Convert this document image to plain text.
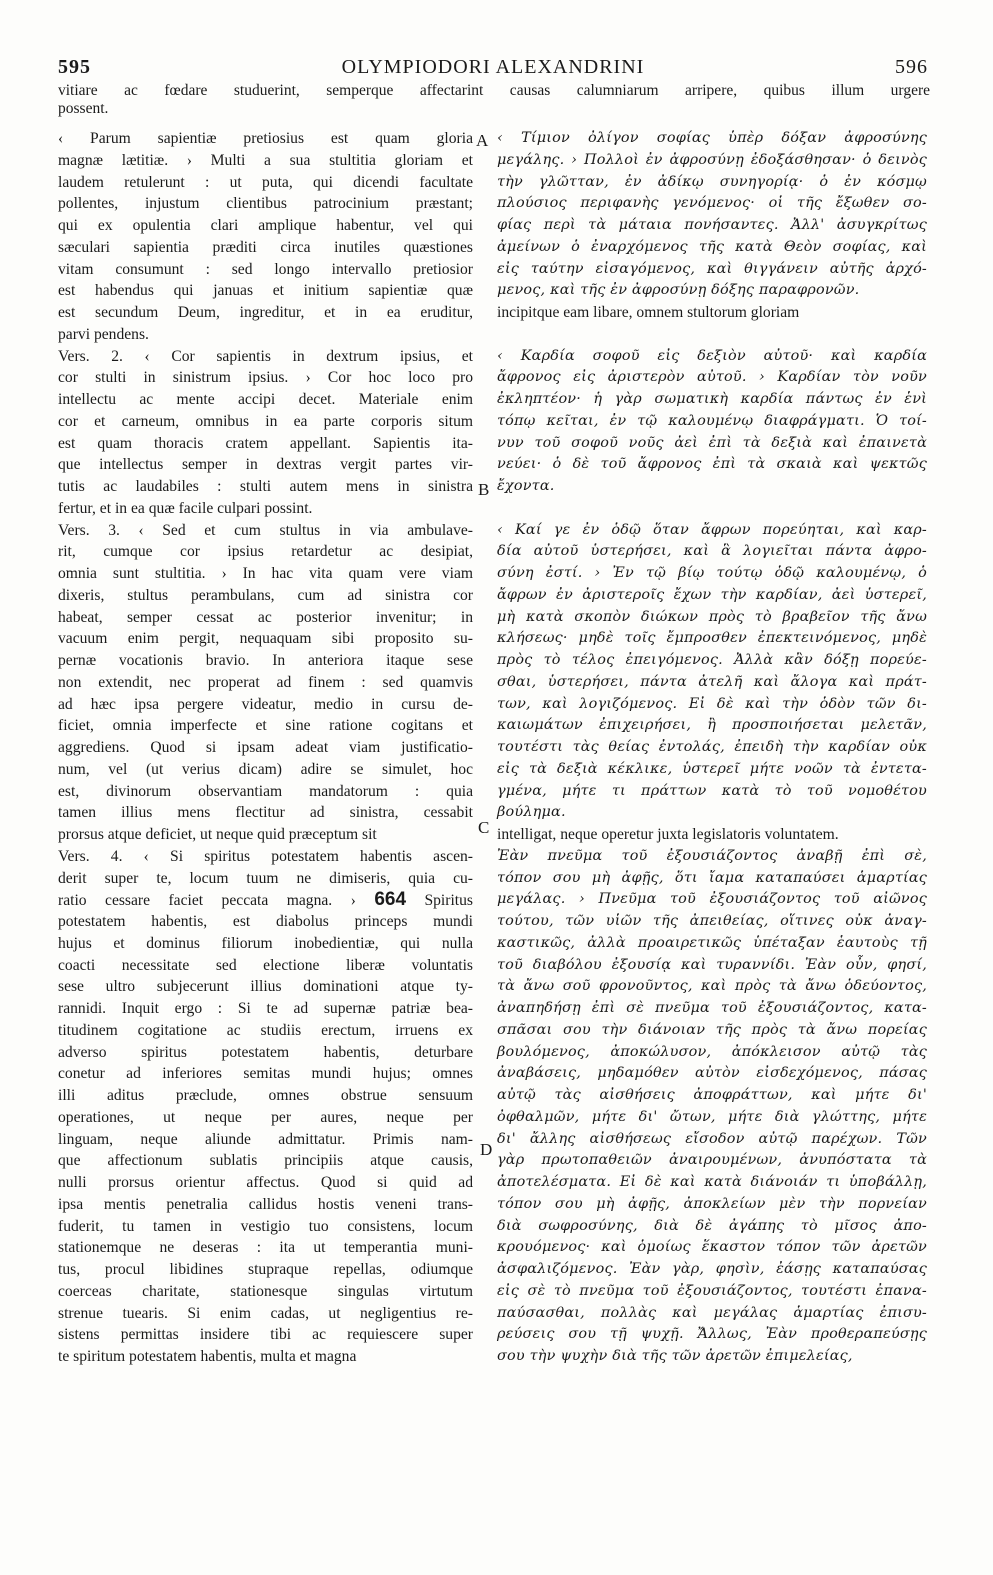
595	OLYMPIODORI ALEXANDRINI	596
vitiare ac fœdare studuerint, semperque affectarint causas calumniarum arripere, quibus illum urgere
possent.
‹ Parum sapientiæ pretiosius est quam gloria
magnæ lætitiæ. › Multi a sua stultitia gloriam et
laudem retulerunt : ut puta, qui dicendi facultate
pollentes, injustum clientibus patrocinium præstant;
qui ex opulentia clari amplique habentur, vel qui
sæculari sapientia præditi circa inutiles quæstiones
vitam consumunt : sed longo intervallo pretiosior
est habendus qui januas et initium sapientiæ quæ
est secundum Deum, ingreditur, et in ea eruditur,
parvi pendens.
Vers. 2. ‹ Cor sapientis in dextrum ipsius, et
cor stulti in sinistrum ipsius. › Cor hoc loco pro
intellectu ac mente accipi decet. Materiale enim
cor et carneum, omnibus in ea parte corporis situm
est quam thoracis cratem appellant. Sapientis ita-
que intellectus semper in dextras vergit partes vir-
tutis ac laudabiles : stulti autem mens in sinistra
fertur, et in ea quæ facile culpari possint.
Vers. 3. ‹ Sed et cum stultus in via ambulave-
rit, cumque cor ipsius retardetur ac desipiat,
omnia sunt stultitia. › In hac vita quam vere viam
dixeris, stultus perambulans, cum ad sinistra cor
habeat, semper cessat ac posterior invenitur; in
vacuum enim pergit, nequaquam sibi proposito su-
pernæ vocationis bravio. In anteriora itaque sese
non extendit, nec properat ad finem : sed quamvis
ad hæc ipsa pergere videatur, medio in cursu de-
ficiet, omnia imperfecte et sine ratione cogitans et
aggrediens. Quod si ipsam adeat viam justificatio-
num, vel (ut verius dicam) adire se simulet, hoc
est, divinorum observantiam mandatorum : quia
tamen illius mens flectitur ad sinistra, cessabit
prorsus atque deficiet, ut neque quid præceptum sit
Vers. 4. ‹ Si spiritus potestatem habentis ascen-
derit super te, locum tuum ne dimiseris, quia cu-
ratio cessare faciet peccata magna. › 664 Spiritus
potestatem habentis, est diabolus princeps mundi
hujus et dominus filiorum inobedientiæ, qui nulla
coacti necessitate sed electione liberæ voluntatis
sese ultro subjecerunt illius dominationi atque ty-
rannidi. Inquit ergo : Si te ad supernæ patriæ bea-
titudinem cogitatione ac studiis erectum, irruens ex
adverso spiritus potestatem habentis, deturbare
conetur ad inferiores semitas mundi hujus; omnes
illi aditus præclude, omnes obstrue sensuum
operationes, ut neque per aures, neque per
linguam, neque aliunde admittatur. Primis nam-
que affectionum sublatis principiis atque causis,
nulli prorsus orientur affectus. Quod si quid ad
ipsa mentis penetralia callidus hostis veneni trans-
fuderit, tu tamen in vestigio tuo consistens, locum
stationemque ne deseras : ita ut temperantia muni-
tus, procul libidines stupraque repellas, odiumque
coerceas charitate, stationesque singulas virtutum
strenue tuearis. Si enim cadas, ut negligentius re-
sistens permittas insidere tibi ac requiescere super
te spiritum potestatem habentis, multa et magna
‹ Τίμιον ὀλίγον σοφίας ὑπὲρ δόξαν ἀφροσύνης
μεγάλης. › Πολλοὶ ἐν ἀφροσύνῃ ἐδοξάσθησαν· ὁ δεινὸς
τὴν γλῶτταν, ἐν ἀδίκῳ συνηγορίᾳ· ὁ ἐν κόσμῳ
πλούσιος περιφανὴς γενόμενος· οἱ τῆς ἔξωθεν σο-
φίας περὶ τὰ μάταια πονήσαντες. Ἀλλ' ἀσυγκρίτως
ἀμείνων ὁ ἐναρχόμενος τῆς κατὰ Θεὸν σοφίας, καὶ
εἰς ταύτην εἰσαγόμενος, καὶ θιγγάνειν αὐτῆς ἀρχό-
μενος, καὶ τῆς ἐν ἀφροσύνῃ δόξης παραφρονῶν.
incipitque eam libare, omnem stultorum gloriam
‹ Καρδία σοφοῦ εἰς δεξιὸν αὐτοῦ· καὶ καρδία
ἄφρονος εἰς ἀριστερὸν αὐτοῦ. › Καρδίαν τὸν νοῦν
ἐκληπτέον· ἡ γὰρ σωματικὴ καρδία πάντως ἐν ἑνὶ
τόπῳ κεῖται, ἐν τῷ καλουμένῳ διαφράγματι. Ὁ τοί-
νυν τοῦ σοφοῦ νοῦς ἀεὶ ἐπὶ τὰ δεξιὰ καὶ ἐπαινετὰ
νεύει· ὁ δὲ τοῦ ἄφρονος ἐπὶ τὰ σκαιὰ καὶ ψεκτῶς
ἔχοντα.
‹ Καί γε ἐν ὁδῷ ὅταν ἄφρων πορεύηται, καὶ καρ-
δία αὐτοῦ ὑστερήσει, καὶ ἃ λογιεῖται πάντα ἀφρο-
σύνη ἐστί. › Ἐν τῷ βίῳ τούτῳ ὁδῷ καλουμένῳ, ὁ
ἄφρων ἐν ἀριστεροῖς ἔχων τὴν καρδίαν, ἀεὶ ὑστερεῖ,
μὴ κατὰ σκοπὸν διώκων πρὸς τὸ βραβεῖον τῆς ἄνω
κλήσεως· μηδὲ τοῖς ἔμπροσθεν ἐπεκτεινόμενος, μηδὲ
πρὸς τὸ τέλος ἐπειγόμενος. Ἀλλὰ κἂν δόξῃ πορεύε-
σθαι, ὑστερήσει, πάντα ἀτελῆ καὶ ἄλογα καὶ πράτ-
των, καὶ λογιζόμενος. Εἰ δὲ καὶ τὴν ὁδὸν τῶν δι-
καιωμάτων ἐπιχειρήσει, ἢ προσποιήσεται μελετᾶν,
τουτέστι τὰς θείας ἐντολάς, ἐπειδὴ τὴν καρδίαν οὐκ
εἰς τὰ δεξιὰ κέκλικε, ὑστερεῖ μήτε νοῶν τὰ ἐντετα-
γμένα, μήτε τι πράττων κατὰ τὸ τοῦ νομοθέτου
βούλημα.
intelligat, neque operetur juxta legislatoris voluntatem.
Ἐὰν πνεῦμα τοῦ ἐξουσιάζοντος ἀναβῇ ἐπὶ σὲ,
τόπον σου μὴ ἀφῇς, ὅτι ἴαμα καταπαύσει ἁμαρτίας
μεγάλας. › Πνεῦμα τοῦ ἐξουσιάζοντος τοῦ αἰῶνος
τούτου, τῶν υἱῶν τῆς ἀπειθείας, οἵτινες οὐκ ἀναγ-
καστικῶς, ἀλλὰ προαιρετικῶς ὑπέταξαν ἑαυτοὺς τῇ
τοῦ διαβόλου ἐξουσίᾳ καὶ τυραννίδι. Ἐὰν οὖν, φησί,
τὰ ἄνω σοῦ φρονοῦντος, καὶ πρὸς τὰ ἄνω ὁδεύοντος,
ἀναπηδήσῃ ἐπὶ σὲ πνεῦμα τοῦ ἐξουσιάζοντος, κατα-
σπᾶσαι σου τὴν διάνοιαν τῆς πρὸς τὰ ἄνω πορείας
βουλόμενος, ἀποκώλυσον, ἀπόκλεισον αὐτῷ τὰς
ἀναβάσεις, μηδαμόθεν αὐτὸν εἰσδεχόμενος, πάσας
αὐτῷ τὰς αἰσθήσεις ἀποφράττων, καὶ μήτε δι'
ὀφθαλμῶν, μήτε δι' ὤτων, μήτε διὰ γλώττης, μήτε
δι' ἄλλης αἰσθήσεως εἴσοδον αὐτῷ παρέχων. Τῶν
γὰρ πρωτοπαθειῶν ἀναιρουμένων, ἀνυπόστατα τὰ
ἀποτελέσματα. Εἰ δὲ καὶ κατὰ διάνοιάν τι ὑποβάλλῃ,
τόπον σου μὴ ἀφῇς, ἀποκλείων μὲν τὴν πορνείαν
διὰ σωφροσύνης, διὰ δὲ ἀγάπης τὸ μῖσος ἀπο-
κρουόμενος· καὶ ὁμοίως ἕκαστον τόπον τῶν ἀρετῶν
ἀσφαλιζόμενος. Ἐὰν γὰρ, φησὶν, ἐάσῃς καταπαύσας
εἰς σὲ τὸ πνεῦμα τοῦ ἐξουσιάζοντος, τουτέστι ἐπανα-
παύσασθαι, πολλὰς καὶ μεγάλας ἁμαρτίας ἐπισυ-
ρεύσεις σου τῇ ψυχῇ. Ἄλλως, Ἐὰν προθεραπεύσῃς
σου τὴν ψυχὴν διὰ τῆς τῶν ἀρετῶν ἐπιμελείας,
A
B
C
D
